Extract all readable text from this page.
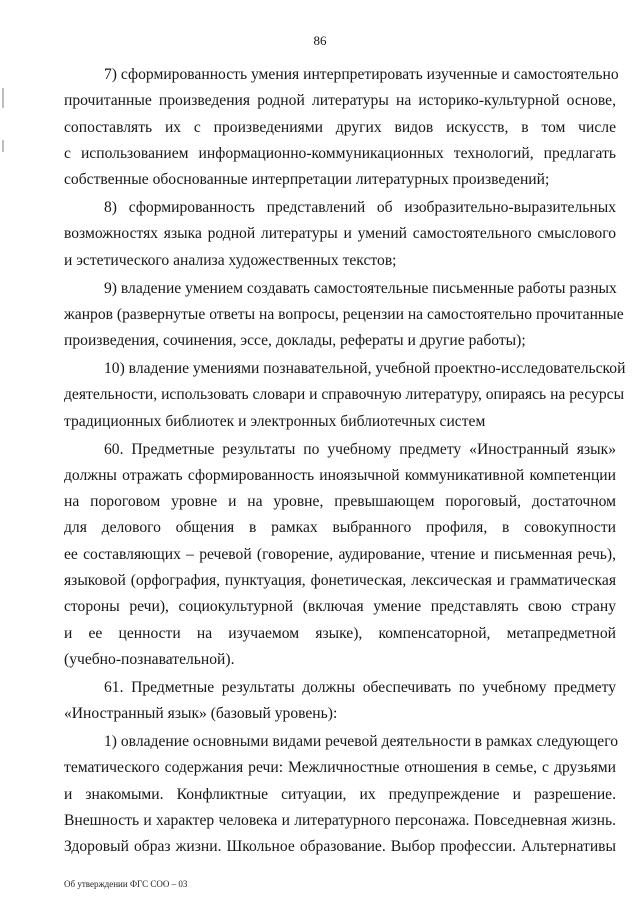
86
7) сформированность умения интерпретировать изученные и самостоятельно
прочитанные произведения родной литературы на историко-культурной основе,
сопоставлять их с произведениями других видов искусств, в том числе
с использованием информационно-коммуникационных технологий, предлагать
собственные обоснованные интерпретации литературных произведений;
8) сформированность представлений об изобразительно-выразительных
возможностях языка родной литературы и умений самостоятельного смыслового
и эстетического анализа художественных текстов;
9) владение умением создавать самостоятельные письменные работы разных
жанров (развернутые ответы на вопросы, рецензии на самостоятельно прочитанные
произведения, сочинения, эссе, доклады, рефераты и другие работы);
10) владение умениями познавательной, учебной проектно-исследовательской
деятельности, использовать словари и справочную литературу, опираясь на ресурсы
традиционных библиотек и электронных библиотечных систем
60. Предметные результаты по учебному предмету «Иностранный язык»
должны отражать сформированность иноязычной коммуникативной компетенции
на пороговом уровне и на уровне, превышающем пороговый, достаточном
для делового общения в рамках выбранного профиля, в совокупности
ее составляющих – речевой (говорение, аудирование, чтение и письменная речь),
языковой (орфография, пунктуация, фонетическая, лексическая и грамматическая
стороны речи), социокультурной (включая умение представлять свою страну
и ее ценности на изучаемом языке), компенсаторной, метапредметной
(учебно-познавательной).
61. Предметные результаты должны обеспечивать по учебному предмету
«Иностранный язык» (базовый уровень):
1) овладение основными видами речевой деятельности в рамках следующего
тематического содержания речи: Межличностные отношения в семье, с друзьями
и знакомыми. Конфликтные ситуации, их предупреждение и разрешение.
Внешность и характер человека и литературного персонажа. Повседневная жизнь.
Здоровый образ жизни. Школьное образование. Выбор профессии. Альтернативы
Об утверждении ФГС СОО – 03
